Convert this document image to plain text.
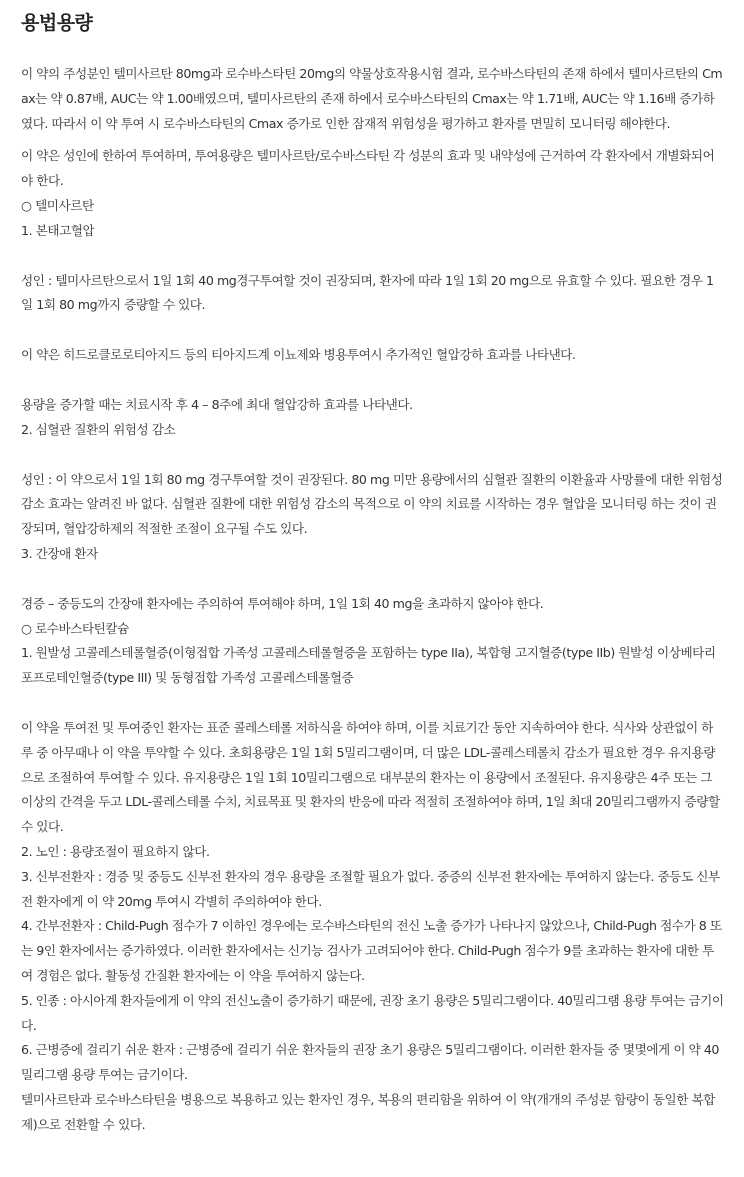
용법용량

이 약의 주성분인 텔미사르탄 80mg과 로수바스타틴 20mg의 약물상호작용시험 결과, 로수바스타틴의 존재 하에서 텔미사르탄의 Cmax는 약 0.87배, AUC는 약 1.00배였으며, 텔미사르탄의 존재 하에서 로수바스타틴의 Cmax는 약 1.71배, AUC는 약 1.16배 증가하였다. 따라서 이 약 투여 시 로수바스타틴의 Cmax 증가로 인한 잠재적 위험성을 평가하고 환자를 면밀히 모니터링 해야한다.

이 약은 성인에 한하여 투여하며, 투여용량은 텔미사르탄/로수바스타틴 각 성분의 효과 및 내약성에 근거하여 각 환자에서 개별화되어야 한다.

○ 텔미사르탄

1. 본태고혈압

성인 : 텔미사르탄으로서 1일 1회 40 mg경구투여할 것이 권장되며, 환자에 따라 1일 1회 20 mg으로 유효할 수 있다. 필요한 경우 1일 1회 80 mg까지 증량할 수 있다.

이 약은 히드로클로로티아지드 등의 티아지드계 이뇨제와 병용투여시 추가적인 혈압강하 효과를 나타낸다.

용량을 증가할 때는 치료시작 후 4 – 8주에 최대 혈압강하 효과를 나타낸다.

2. 심혈관 질환의 위험성 감소

성인 : 이 약으로서 1일 1회 80 mg 경구투여할 것이 권장된다. 80 mg 미만 용량에서의 심혈관 질환의 이환율과 사망률에 대한 위험성 감소 효과는 알려진 바 없다. 심혈관 질환에 대한 위험성 감소의 목적으로 이 약의 치료를 시작하는 경우 혈압을 모니터링 하는 것이 권장되며, 혈압강하제의 적절한 조절이 요구될 수도 있다.

3. 간장애 환자

경증 – 중등도의 간장애 환자에는 주의하여 투여해야 하며, 1일 1회 40 mg을 초과하지 않아야 한다.

○ 로수바스타틴칼슘

1. 원발성 고콜레스테롤혈증(이형접합 가족성 고콜레스테롤혈증을 포함하는 type IIa), 복합형 고지혈증(type IIb) 원발성 이상베타리포프로테인혈증(type III) 및 동형접합 가족성 고콜레스테롤혈증

이 약을 투여전 및 투여중인 환자는 표준 콜레스테롤 저하식을 하여야 하며, 이를 치료기간 동안 지속하여야 한다. 식사와 상관없이 하루 중 아무때나 이 약을 투약할 수 있다. 초회용량은 1일 1회 5밀리그램이며, 더 많은 LDL-콜레스테롤치 감소가 필요한 경우 유지용량으로 조절하여 투여할 수 있다. 유지용량은 1일 1회 10밀리그램으로 대부분의 환자는 이 용량에서 조절된다. 유지용량은 4주 또는 그 이상의 간격을 두고 LDL-콜레스테롤 수치, 치료목표 및 환자의 반응에 따라 적절히 조절하여야 하며, 1일 최대 20밀리그램까지 증량할 수 있다.

2. 노인 : 용량조절이 필요하지 않다.

3. 신부전환자 : 경증 및 중등도 신부전 환자의 경우 용량을 조절할 필요가 없다. 중증의 신부전 환자에는 투여하지 않는다. 중등도 신부전 환자에게 이 약 20mg 투여시 각별히 주의하여야 한다.

4. 간부전환자 : Child-Pugh 점수가 7 이하인 경우에는 로수바스타틴의 전신 노출 증가가 나타나지 않았으나, Child-Pugh 점수가 8 또는 9인 환자에서는 증가하였다. 이러한 환자에서는 신기능 검사가 고려되어야 한다. Child-Pugh 점수가 9를 초과하는 환자에 대한 투여 경험은 없다. 활동성 간질환 환자에는 이 약을 투여하지 않는다.

5. 인종 : 아시아계 환자들에게 이 약의 전신노출이 증가하기 때문에, 권장 초기 용량은 5밀리그램이다. 40밀리그램 용량 투여는 금기이다.

6. 근병증에 걸리기 쉬운 환자 : 근병증에 걸리기 쉬운 환자들의 권장 초기 용량은 5밀리그램이다. 이러한 환자들 중 몇몇에게 이 약 40밀리그램 용량 투여는 금기이다.

텔미사르탄과 로수바스타틴을 병용으로 복용하고 있는 환자인 경우, 복용의 편리함을 위하여 이 약(개개의 주성분 함량이 동일한 복합제)으로 전환할 수 있다.
